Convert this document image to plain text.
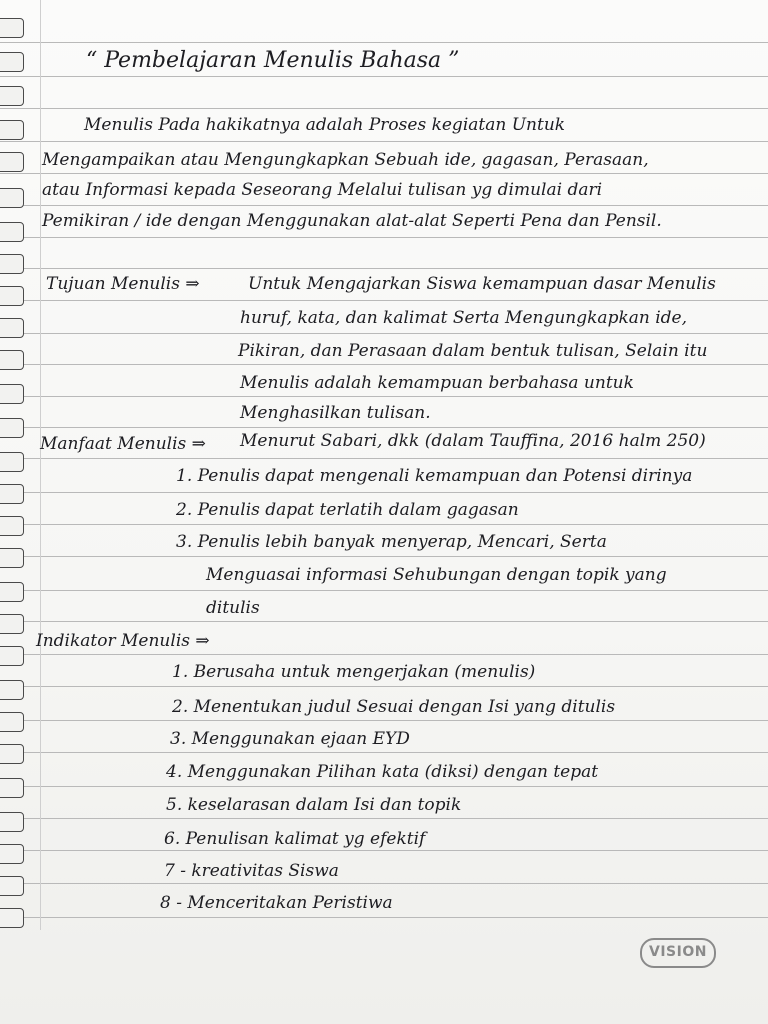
“ Pembelajaran Menulis Bahasa ”
Menulis Pada hakikatnya adalah Proses kegiatan Untuk
Mengampaikan atau Mengungkapkan Sebuah ide, gagasan, Perasaan,
atau Informasi kepada Seseorang Melalui tulisan yg dimulai dari
Pemikiran / ide dengan Menggunakan alat-alat Seperti Pena dan Pensil.
Tujuan Menulis ⇒	Untuk Mengajarkan Siswa kemampuan dasar Menulis
huruf, kata, dan kalimat Serta Mengungkapkan ide,
Pikiran, dan Perasaan dalam bentuk tulisan, Selain itu
Menulis adalah kemampuan berbahasa untuk
Menghasilkan tulisan.
Manfaat Menulis ⇒ Menurut Sabari, dkk (dalam Tauffina, 2016 halm 250)
1. Penulis dapat mengenali kemampuan dan Potensi dirinya
2. Penulis dapat terlatih dalam gagasan
3. Penulis lebih banyak menyerap, Mencari, Serta
Menguasai informasi Sehubungan dengan topik yang
ditulis
Indikator Menulis ⇒
1. Berusaha untuk mengerjakan (menulis)
2. Menentukan judul Sesuai dengan Isi yang ditulis
3. Menggunakan ejaan EYD
4. Menggunakan Pilihan kata (diksi) dengan tepat
5. keselarasan dalam Isi dan topik
6. Penulisan kalimat yg efektif
7 - kreativitas Siswa
8 - Menceritakan Peristiwa
VISION
